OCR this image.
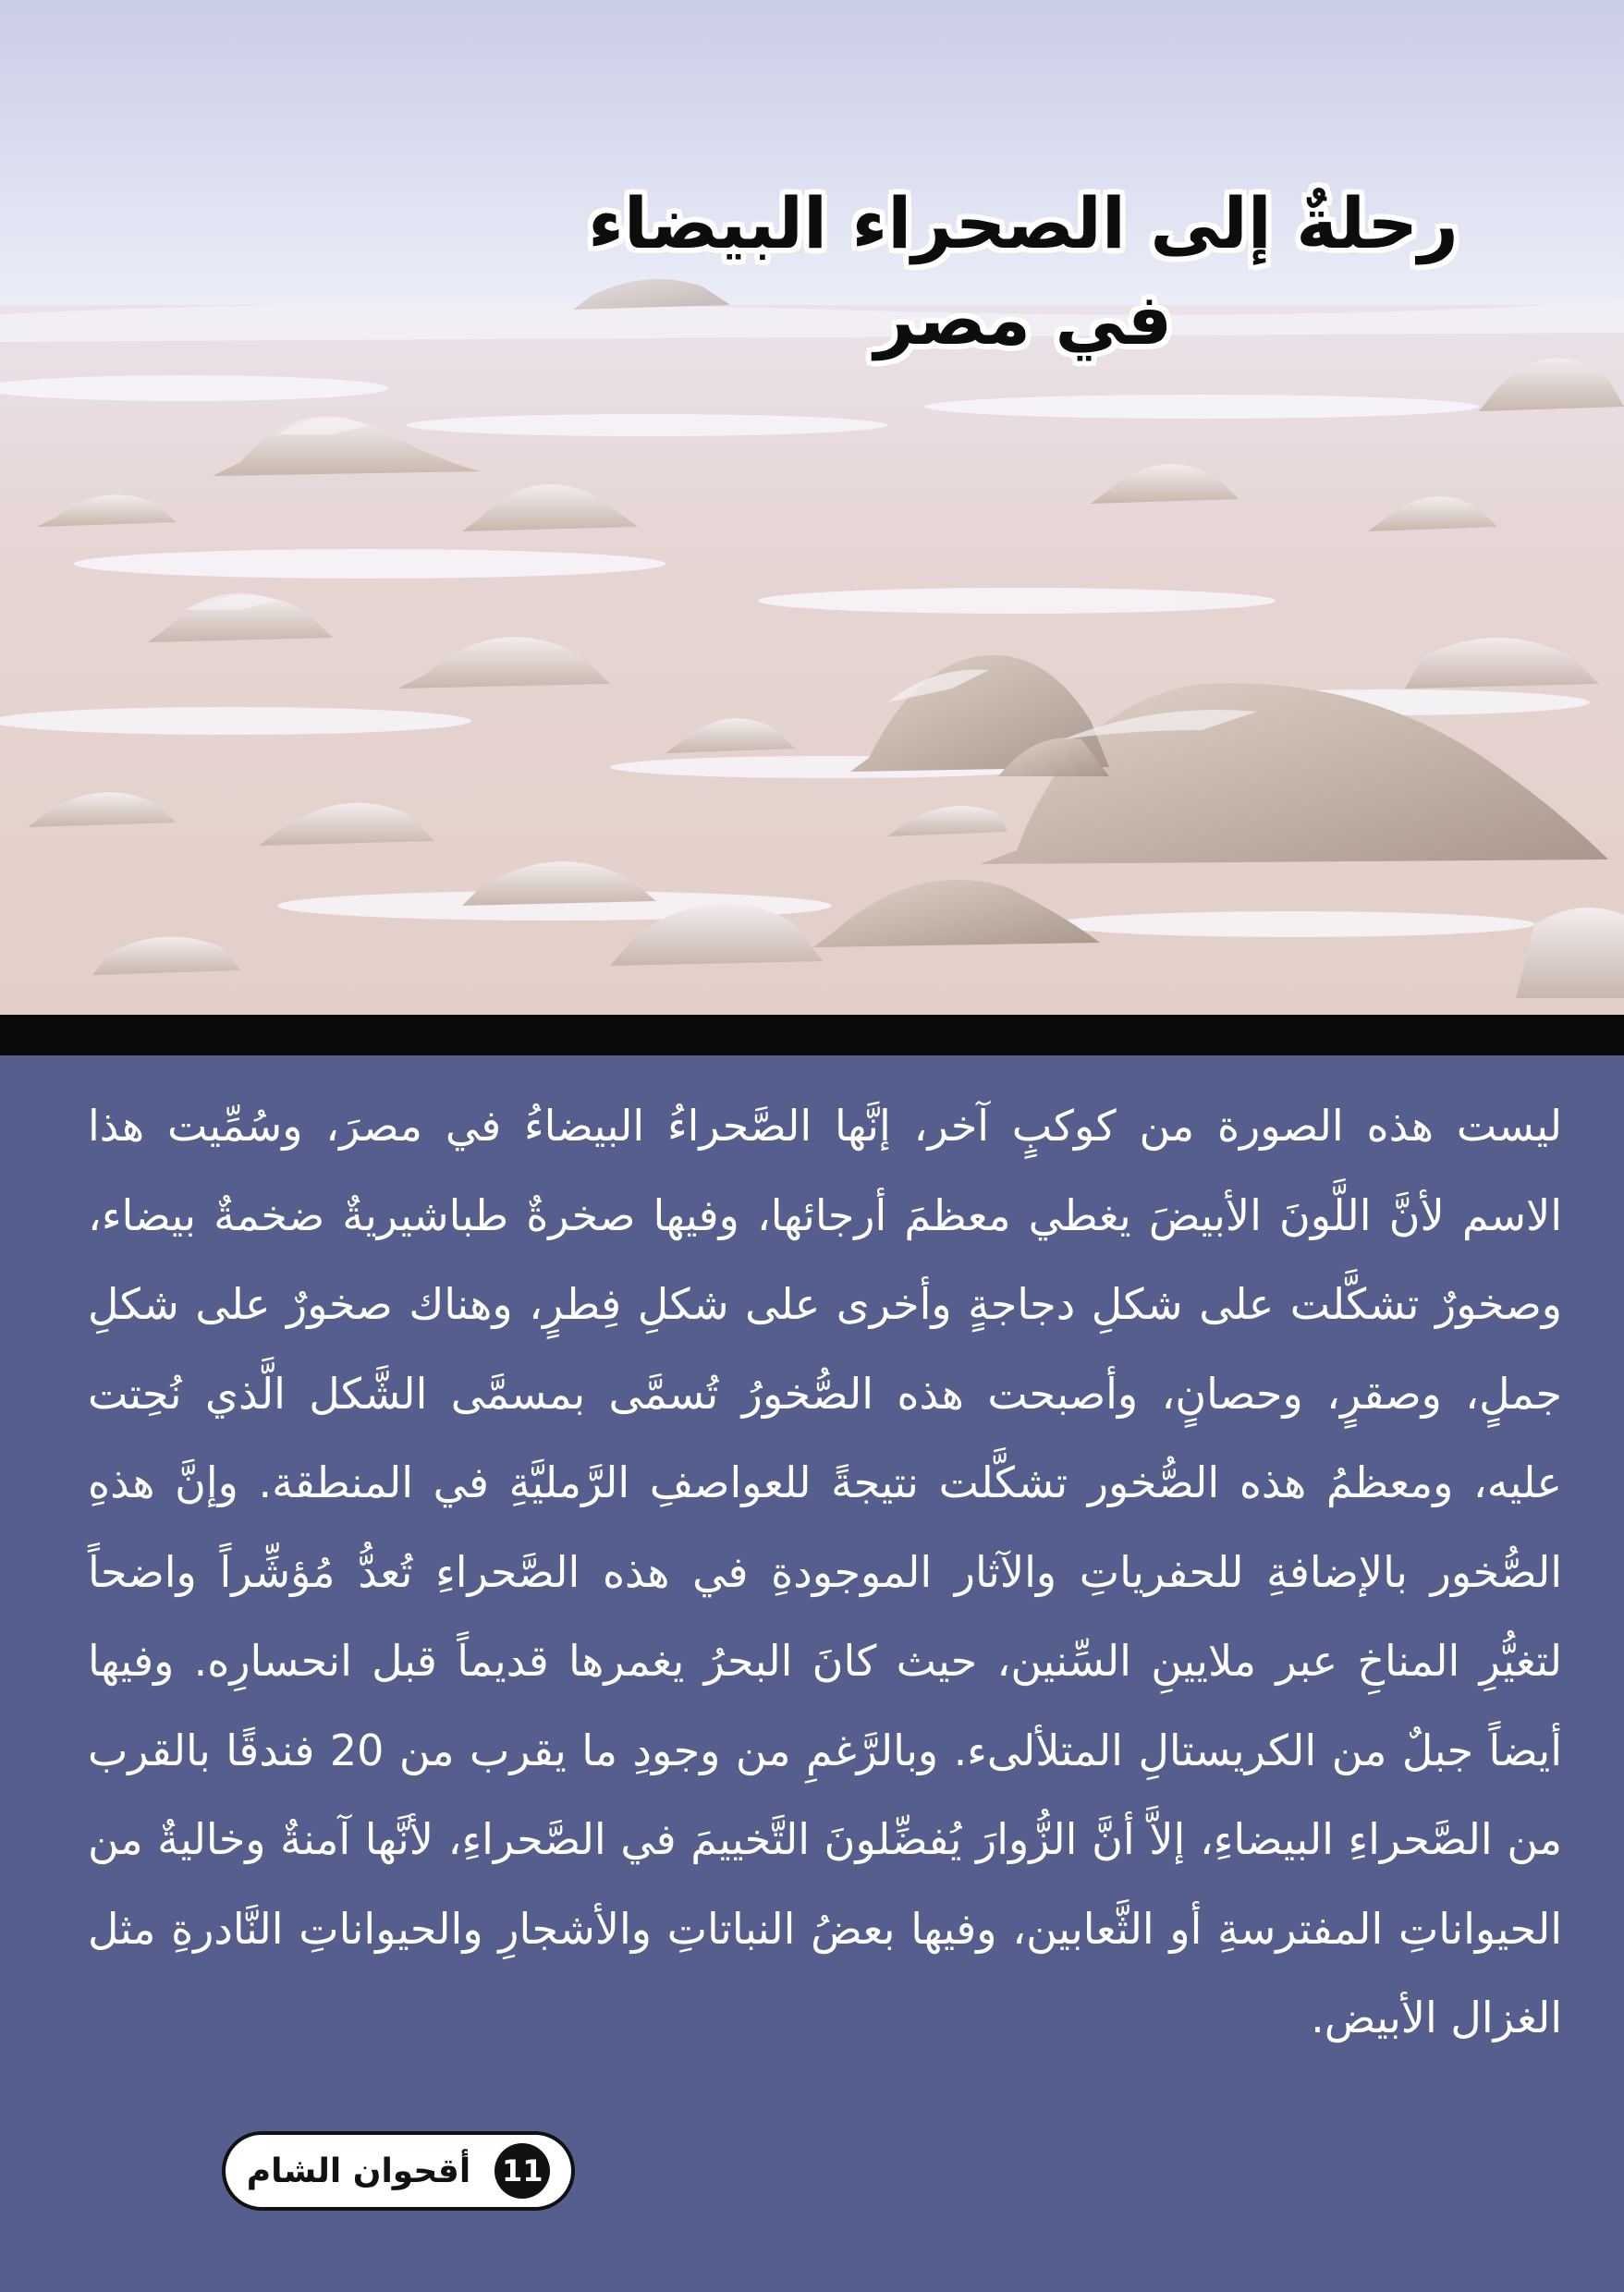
رحلةٌ إلى الصحراء البيضاء
في مصر
ليست هذه الصورة من كوكبٍ آخر، إنَّها الصَّحراءُ البيضاءُ في مصرَ، وسُمِّيت هذا الاسم لأنَّ اللَّونَ الأبيضَ يغطي معظمَ أرجائها، وفيها صخرةٌ طباشيريةٌ ضخمةٌ بيضاء، وصخورٌ تشكَّلت على شكلِ دجاجةٍ وأخرى على شكلِ فِطرٍ، وهناك صخورٌ على شكلِ جملٍ، وصقرٍ، وحصانٍ، وأصبحت هذه الصُّخورُ تُسمَّى بمسمَّى الشَّكل الَّذي نُحِتت عليه، ومعظمُ هذه الصُّخور تشكَّلت نتيجةً للعواصفِ الرَّمليَّةِ في المنطقة. وإنَّ هذهِ الصُّخور بالإضافةِ للحفرياتِ والآثار الموجودةِ في هذه الصَّحراءِ تُعدُّ مُؤشِّراً واضحاً لتغيُّرِ المناخِ عبر ملايينِ السِّنين، حيث كانَ البحرُ يغمرها قديماً قبل انحسارِه. وفيها أيضاً جبلٌ من الكريستالِ المتلألىء. وبالرَّغمِ من وجودِ ما يقرب من 20 فندقًا بالقرب من الصَّحراءِ البيضاءِ، إلاَّ أنَّ الزُّوارَ يُفضِّلونَ التَّخييمَ في الصَّحراءِ، لأنَّها آمنةٌ وخاليةٌ من الحيواناتِ المفترسةِ أو الثَّعابين، وفيها بعضُ النباتاتِ والأشجارِ والحيواناتِ النَّادرةِ مثل الغزال الأبيض.
11
أقحوان الشام
